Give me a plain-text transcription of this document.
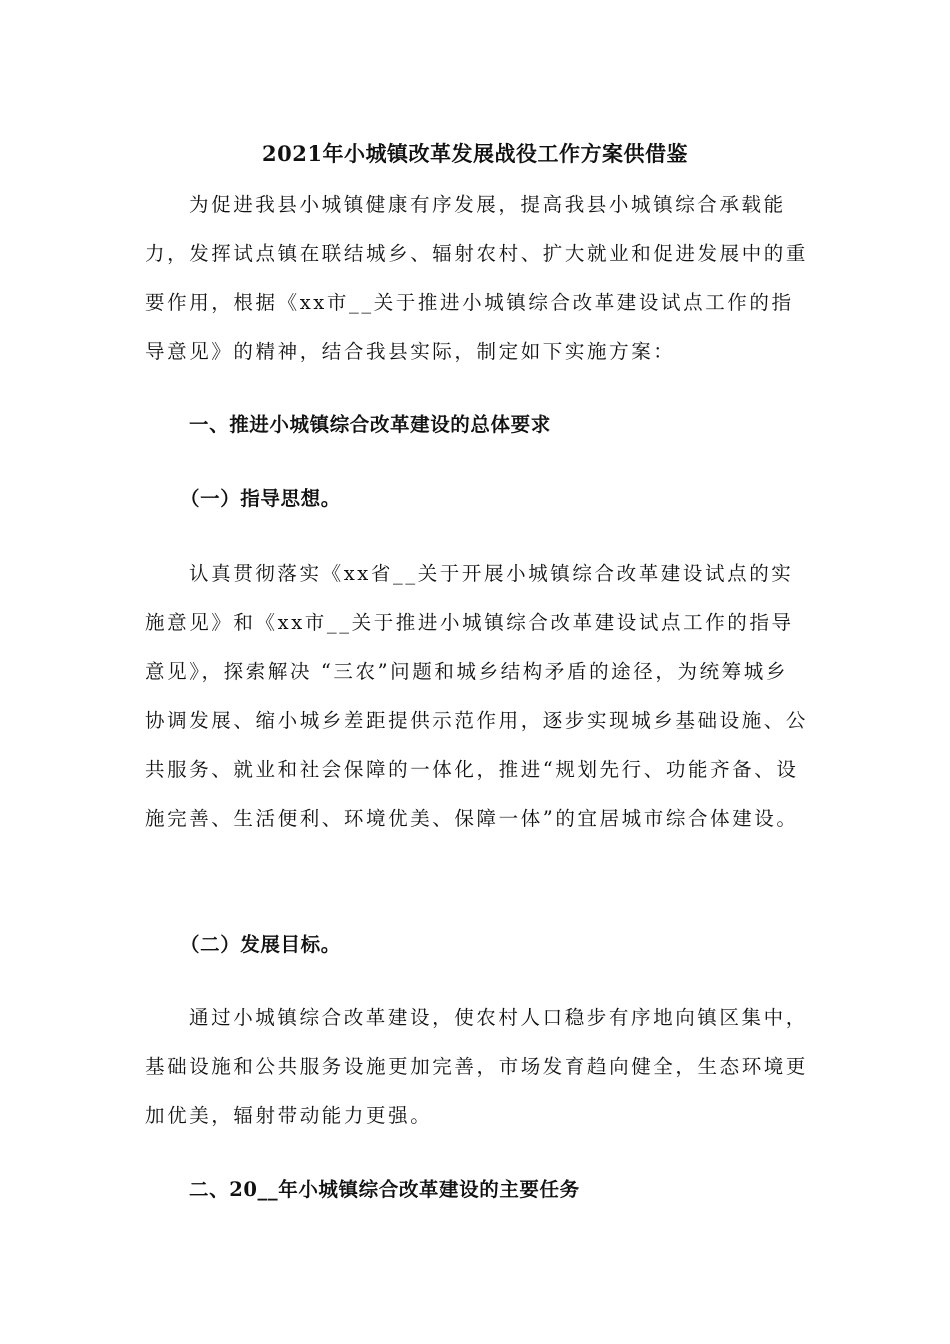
2021年小城镇改革发展战役工作方案供借鉴

为促进我县小城镇健康有序发展，提高我县小城镇综合承载能力，发挥试点镇在联结城乡、辐射农村、扩大就业和促进发展中的重要作用，根据《xx市__关于推进小城镇综合改革建设试点工作的指导意见》的精神，结合我县实际，制定如下实施方案：

一、推进小城镇综合改革建设的总体要求
（一）指导思想。

认真贯彻落实《xx省__关于开展小城镇综合改革建设试点的实施意见》和《xx市__关于推进小城镇综合改革建设试点工作的指导意见》，探索解决 “三农”问题和城乡结构矛盾的途径，为统筹城乡协调发展、缩小城乡差距提供示范作用，逐步实现城乡基础设施、公共服务、就业和社会保障的一体化，推进“规划先行、功能齐备、设施完善、生活便利、环境优美、保障一体”的宜居城市综合体建设。

（二）发展目标。

通过小城镇综合改革建设，使农村人口稳步有序地向镇区集中，基础设施和公共服务设施更加完善，市场发育趋向健全，生态环境更加优美，辐射带动能力更强。

二、20__年小城镇综合改革建设的主要任务
